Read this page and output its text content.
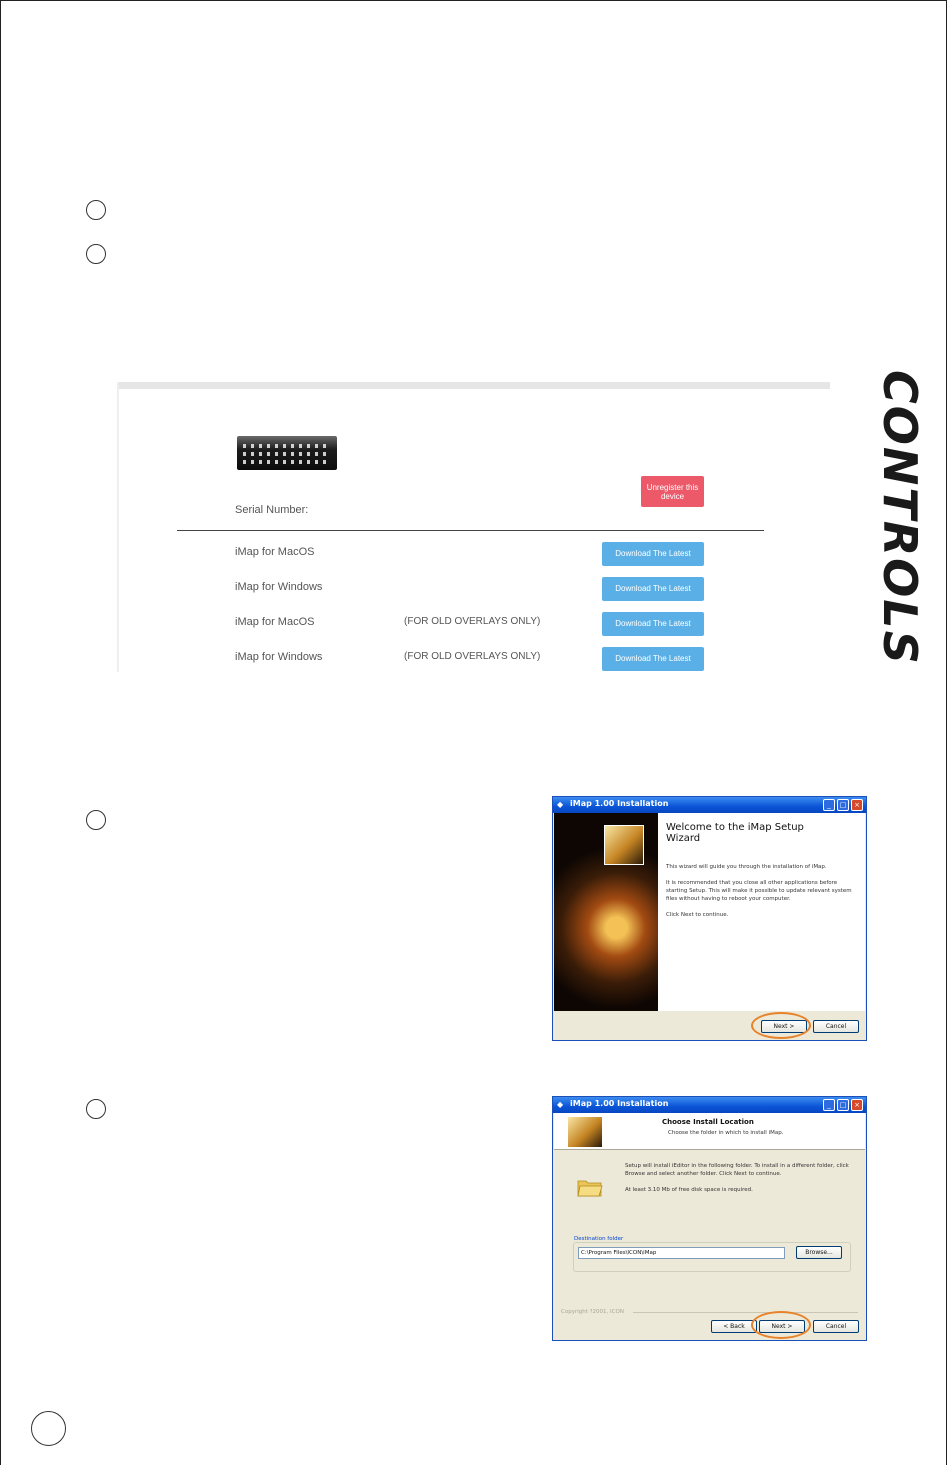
CONTROLS
Serial Number:
Unregister this device
iMap for MacOS	Download The Latest
iMap for Windows	Download The Latest
iMap for MacOS	(FOR OLD OVERLAYS ONLY)	Download The Latest
iMap for Windows	(FOR OLD OVERLAYS ONLY)	Download The Latest
◆ iMap 1.00 Installation	_	□	×
Welcome to the iMap Setup Wizard
This wizard will guide you through the installation of iMap.
It is recommended that you close all other applications before starting Setup. This will make it possible to update relevant system files without having to reboot your computer.
Click Next to continue.
Next >	Cancel
◆ iMap 1.00 Installation	_	□	×
Choose Install Location
Choose the folder in which to install iMap.
Setup will install iEditor in the following folder. To install in a different folder, click Browse and select another folder. Click Next to continue.
At least 3.10 Mb of free disk space is required.
Destination folder
C:\Program Files\ICON\iMap	Browse...
Copyright ?2001, ICON
< Back	Next >	Cancel
